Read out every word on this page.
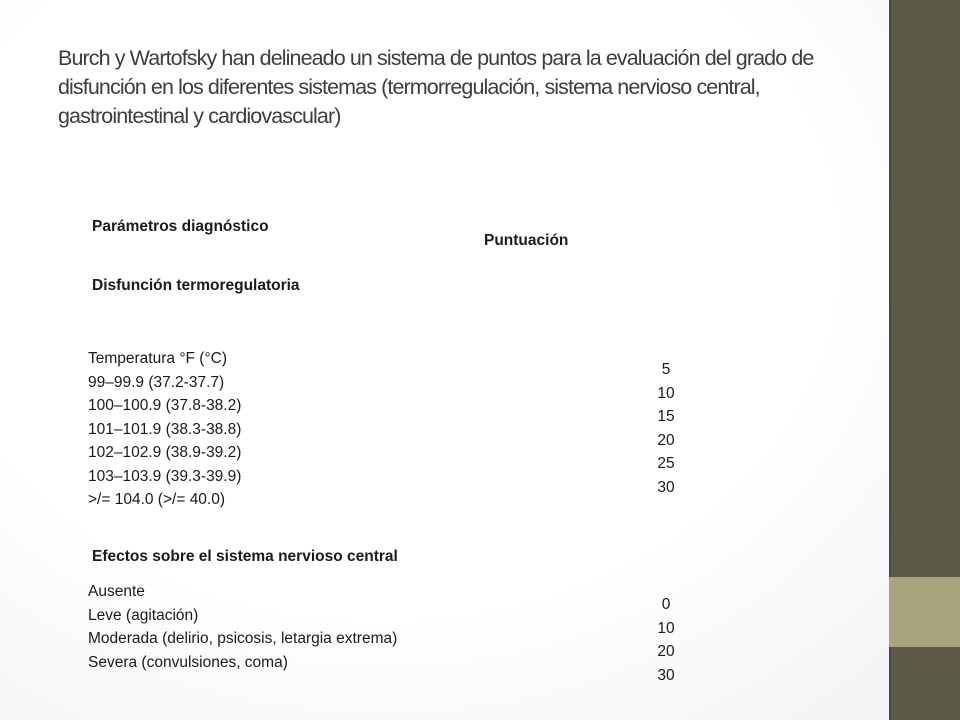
Burch y Wartofsky han delineado un sistema de puntos para la evaluación del grado de disfunción en los diferentes sistemas (termorregulación, sistema nervioso central, gastrointestinal y cardiovascular)
Parámetros diagnóstico
Puntuación
Disfunción termoregulatoria
Temperatura °F (°C)
99–99.9 (37.2-37.7)
100–100.9 (37.8-38.2)
101–101.9 (38.3-38.8)
102–102.9 (38.9-39.2)
103–103.9 (39.3-39.9)
>/= 104.0 (>/= 40.0)
5
10
15
20
25
30
Efectos sobre el sistema nervioso central
Ausente
Leve (agitación)
Moderada (delirio, psicosis, letargia extrema)
Severa (convulsiones, coma)
0
10
20
30
